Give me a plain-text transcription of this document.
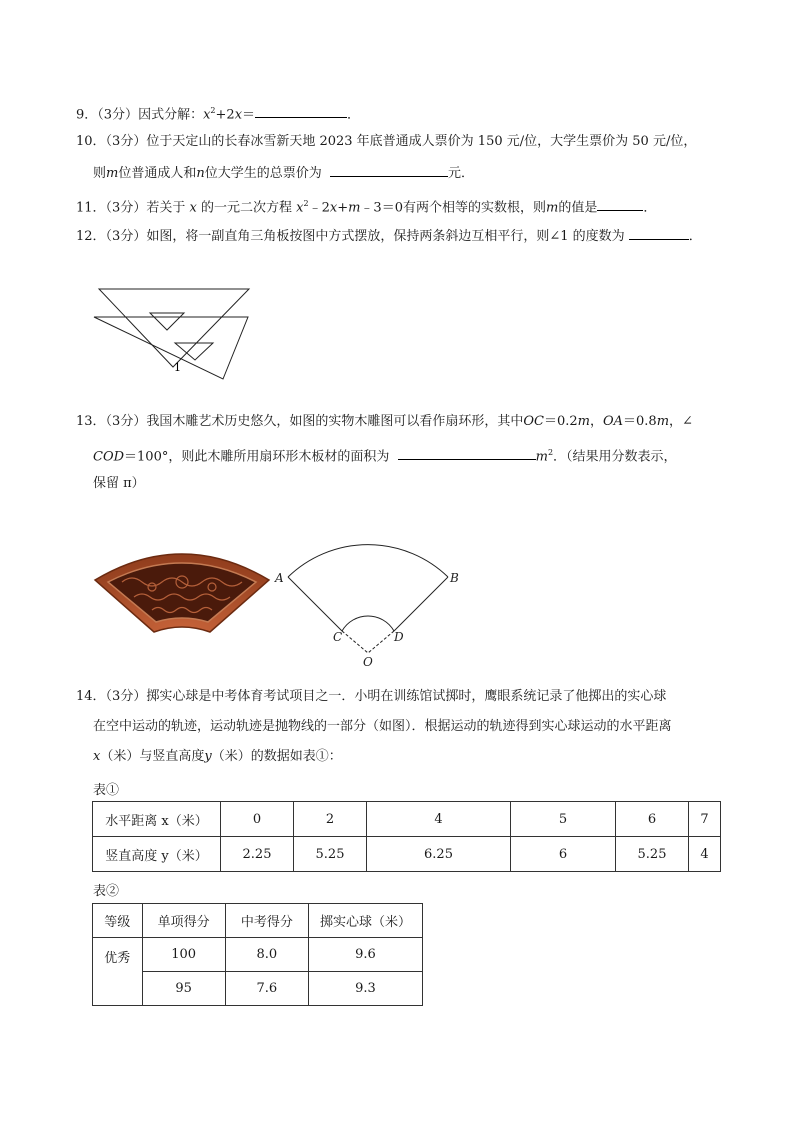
9．（3分）因式分解：$x^2+2x=$	．
10．（3分）位于天定山的长春冰雪新天地 2023 年底普通成人票价为 150 元/位，大学生票价为 50 元/位，
则m位普通成人和n位大学生的总票价为	元．
11．（3分）若关于 x 的一元二次方程 $x^2﹣2x+m﹣3=0$有两个相等的实数根，则m的值是	．
12．（3分）如图，将一副直角三角板按图中方式摆放，保持两条斜边互相平行，则∠1 的度数为	．
1
13．（3分）我国木雕艺术历史悠久，如图的实物木雕图可以看作扇环形，其中OC＝0.2m，OA＝0.8m，∠
COD＝100°，则此木雕所用扇环形木板材的面积为	$m^2$．（结果用分数表示，
保留 π）
A	B
C	D
O
14．（3分）掷实心球是中考体育考试项目之一．小明在训练馆试掷时，鹰眼系统记录了他掷出的实心球
在空中运动的轨迹，运动轨迹是抛物线的一部分（如图）．根据运动的轨迹得到实心球运动的水平距离
x（米）与竖直高度y（米）的数据如表①：
表①
水平距离 x（米）	0	2	4	5	6	7
竖直高度 y（米）	2.25	5.25	6.25	6	5.25	4
表②
等级	单项得分	中考得分	掷实心球（米）
优秀	100	8.0	9.6
	95	7.6	9.3
